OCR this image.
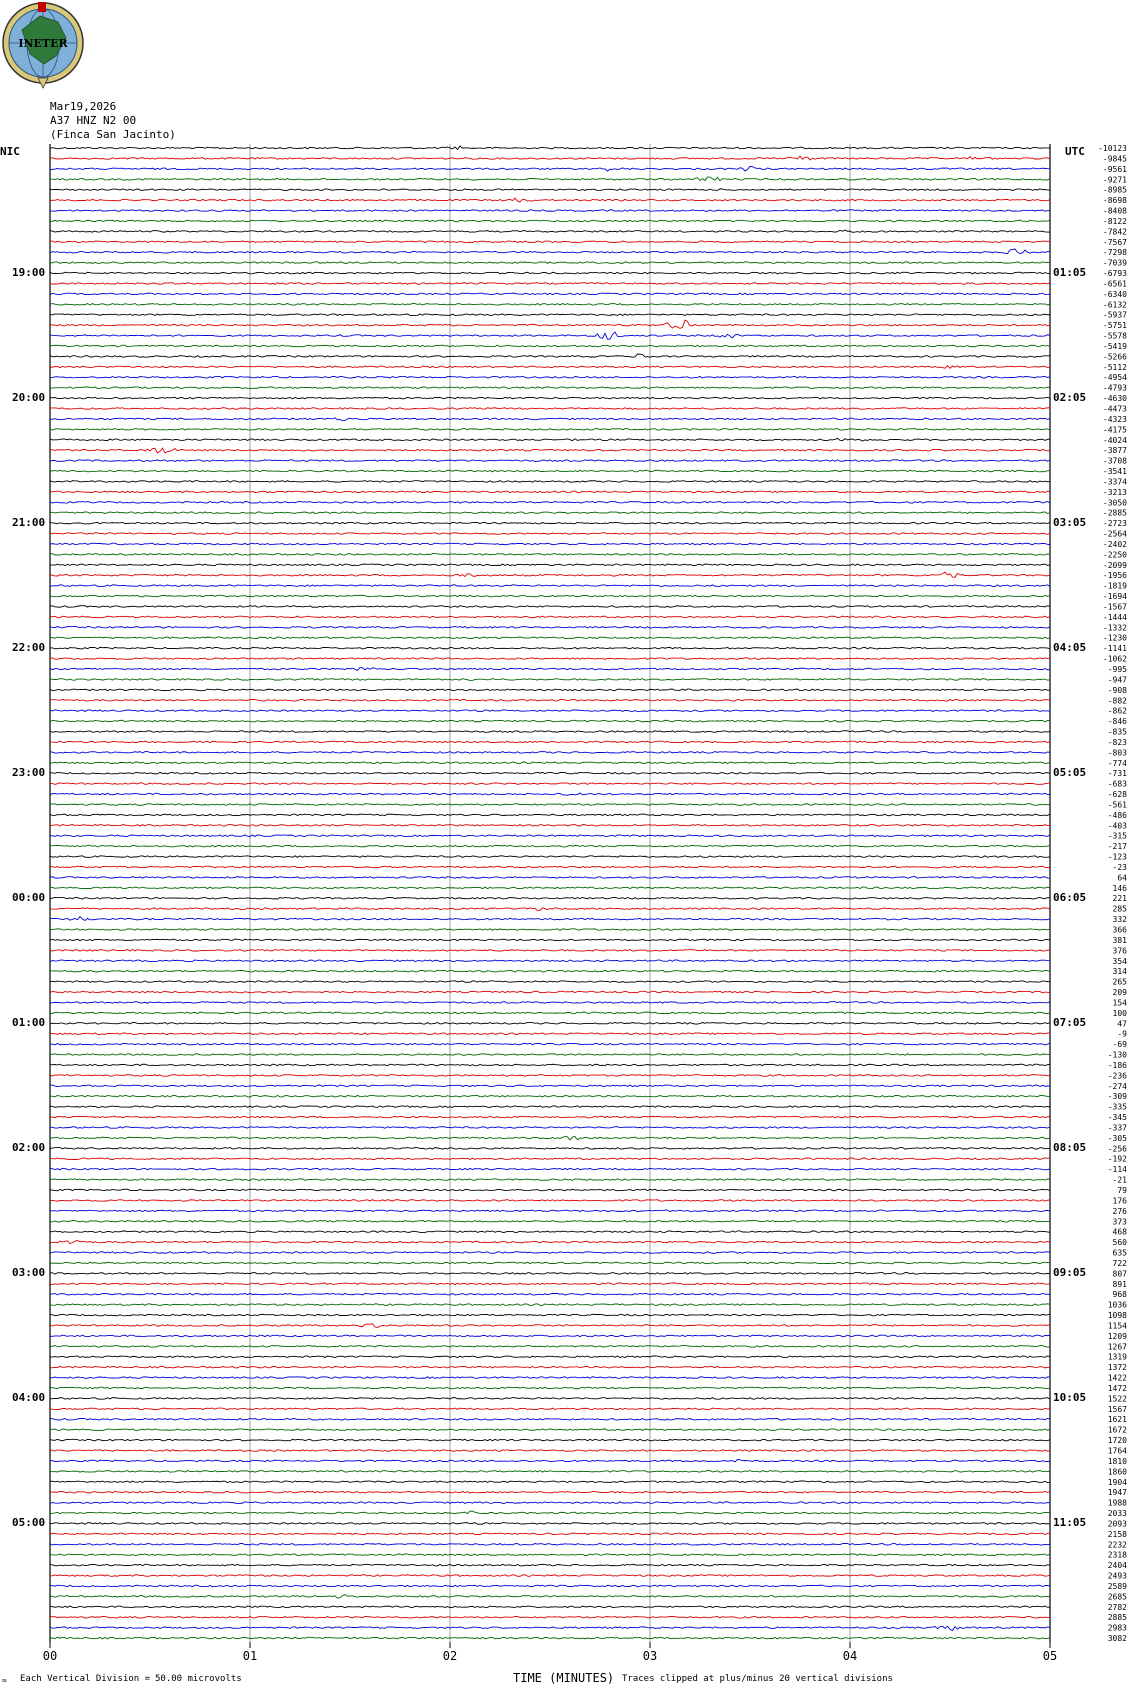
INETER
Mar19,2026
A37 HNZ N2 00
(Finca San Jacinto)
NIC	UTC -10123
-9845
-9561
-9271
-8985
-8698
-8408
-8122
-7842
-7567
-7298
-7039
-6793
-6561
-6340
-6132
-5937
-5751
-5578
-5419
-5266
-5112
-4954
-4793
-4630
-4473
-4323
-4175
-4024
-3877
-3708
-3541
-3374
-3213
-3050
-2885
-2723
-2564
-2402
-2250
-2099
-1956
-1819
-1694
-1567
-1444
-1332
-1230
-1141
-1062
-995
-947
-908
-882
-862
-846
-835
-823
-803
-774
-731
-683
-628
-561
-486
-403
-315
-217
-123
-23
64
146
221
285
332
366
381
376
354
314
265
209
154
100
47
-9
-69
-130
-186
-236
-274
-309
-335
-345
-337
-305
-256
-192
-114
-21
79
176
276
373
468
560
635
722
807
891
968
1036
1098
1154
1209
1267
1319
1372
1422
1472
1522
1567
1621
1672
1720
1764
1810
1860
1904
1947
1988
2033
2093
2158
2232
2318
2404
2493
2589
2685
2782
2885
2983
3082
00	01	02	03	04	05
19:00
20:00
21:00
22:00
23:00
00:00
01:00
02:00
03:00
04:00
05:00
01:05
02:05
03:05
04:05
05:05
06:05
07:05
08:05
09:05
10:05
11:05
≈ Each Vertical Division = 50.00 microvolts	TIME (MINUTES) Traces clipped at plus/minus 20 vertical divisions
